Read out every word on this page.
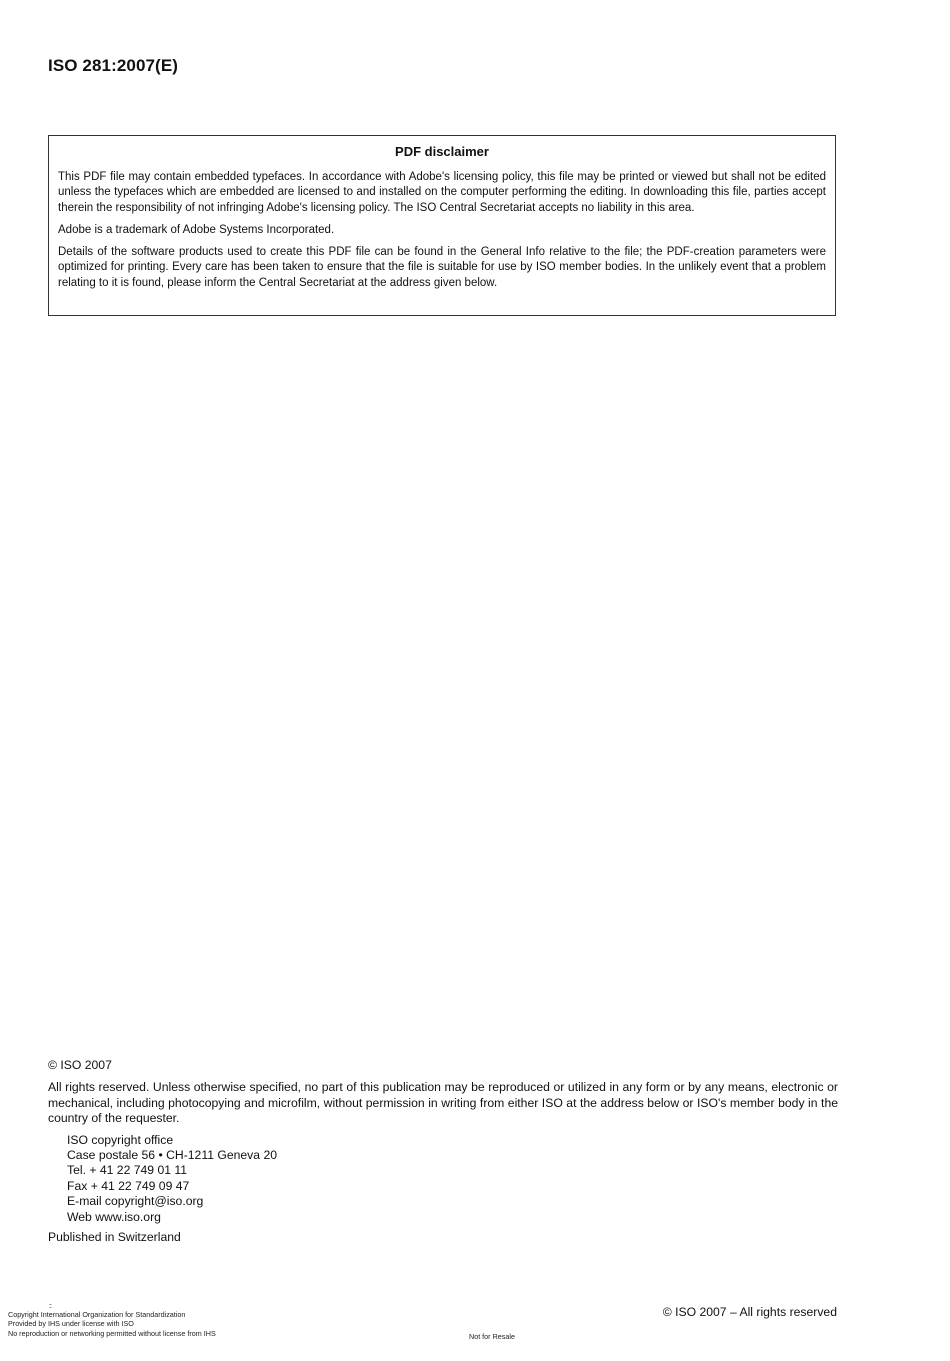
ISO 281:2007(E)
PDF disclaimer

This PDF file may contain embedded typefaces. In accordance with Adobe's licensing policy, this file may be printed or viewed but shall not be edited unless the typefaces which are embedded are licensed to and installed on the computer performing the editing. In downloading this file, parties accept therein the responsibility of not infringing Adobe's licensing policy. The ISO Central Secretariat accepts no liability in this area.

Adobe is a trademark of Adobe Systems Incorporated.

Details of the software products used to create this PDF file can be found in the General Info relative to the file; the PDF-creation parameters were optimized for printing. Every care has been taken to ensure that the file is suitable for use by ISO member bodies. In the unlikely event that a problem relating to it is found, please inform the Central Secretariat at the address given below.

© ISO 2007

All rights reserved. Unless otherwise specified, no part of this publication may be reproduced or utilized in any form or by any means, electronic or mechanical, including photocopying and microfilm, without permission in writing from either ISO at the address below or ISO's member body in the country of the requester.

ISO copyright office

Case postale 56 • CH-1211 Geneva 20

Tel. + 41 22 749 01 11

Fax + 41 22 749 09 47

E-mail copyright@iso.org

Web www.iso.org

Published in Switzerland

::
Copyright International Organization for Standardization
Provided by IHS under license with ISO
No reproduction or networking permitted without license from IHS	Not for Resale
© ISO 2007 – All rights reserved
